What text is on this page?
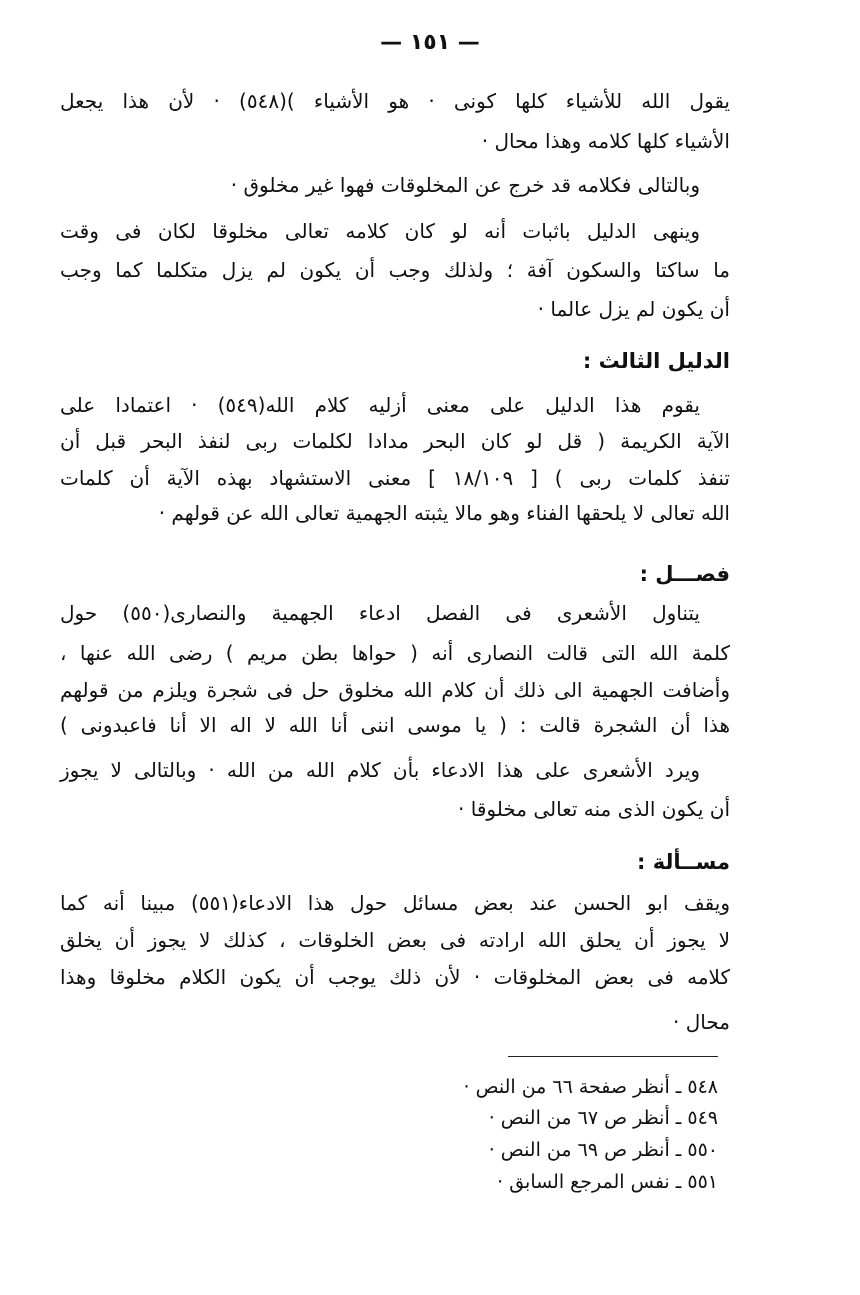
— ١٥١ —
يقول الله للأشياء كلها كونى · هو الأشياء )(٥٤٨) · لأن هذا يجعل
الأشياء كلها كلامه وهذا محال ·
وبالتالى فكلامه قد خرج عن المخلوقات فهوا غير مخلوق ·
وينهى الدليل باثبات أنه لو كان كلامه تعالى مخلوقا لكان فى وقت
ما ساكتا والسكون آفة ؛ ولذلك وجب أن يكون لم يزل متكلما كما وجب
أن يكون لم يزل عالما ·
الدليل الثالث :
يقوم هذا الدليل على معنى أزليه كلام الله(٥٤٩) · اعتمادا على
الآية الكريمة ( قل لو كان البحر مدادا لكلمات ربى لنفذ البحر قبل أن
تنفذ كلمات ربى ) [ ١٨/١٠٩ ] معنى الاستشهاد بهذه الآية أن كلمات
الله تعالى لا يلحقها الفناء وهو مالا يثبته الجهمية تعالى الله عن قولهم ·
فصـــل :
يتناول الأشعرى فى الفصل ادعاء الجهمية والنصارى(٥٥٠) حول
كلمة الله التى قالت النصارى أنه ( حواها بطن مريم ) رضى الله عنها ،
وأضافت الجهمية الى ذلك أن كلام الله مخلوق حل فى شجرة ويلزم من قولهم
هذا أن الشجرة قالت : ( يا موسى اننى أنا الله لا اله الا أنا فاعبدونى )
ويرد الأشعرى على هذا الادعاء بأن كلام الله من الله · وبالتالى لا يجوز
أن يكون الذى منه تعالى مخلوقا ·
مســألة :
ويقف ابو الحسن عند بعض مسائل حول هذا الادعاء(٥٥١) مبينا أنه كما
لا يجوز أن يحلق الله ارادته فى بعض الخلوقات ، كذلك لا يجوز أن يخلق
كلامه فى بعض المخلوقات · لأن ذلك يوجب أن يكون الكلام مخلوقا وهذا
محال ·
٥٤٨ ـ أنظر صفحة ٦٦ من النص ·
٥٤٩ ـ أنظر ص ٦٧ من النص ·
٥٥٠ ـ أنظر ص ٦٩ من النص ·
٥٥١ ـ نفس المرجع السابق ·
